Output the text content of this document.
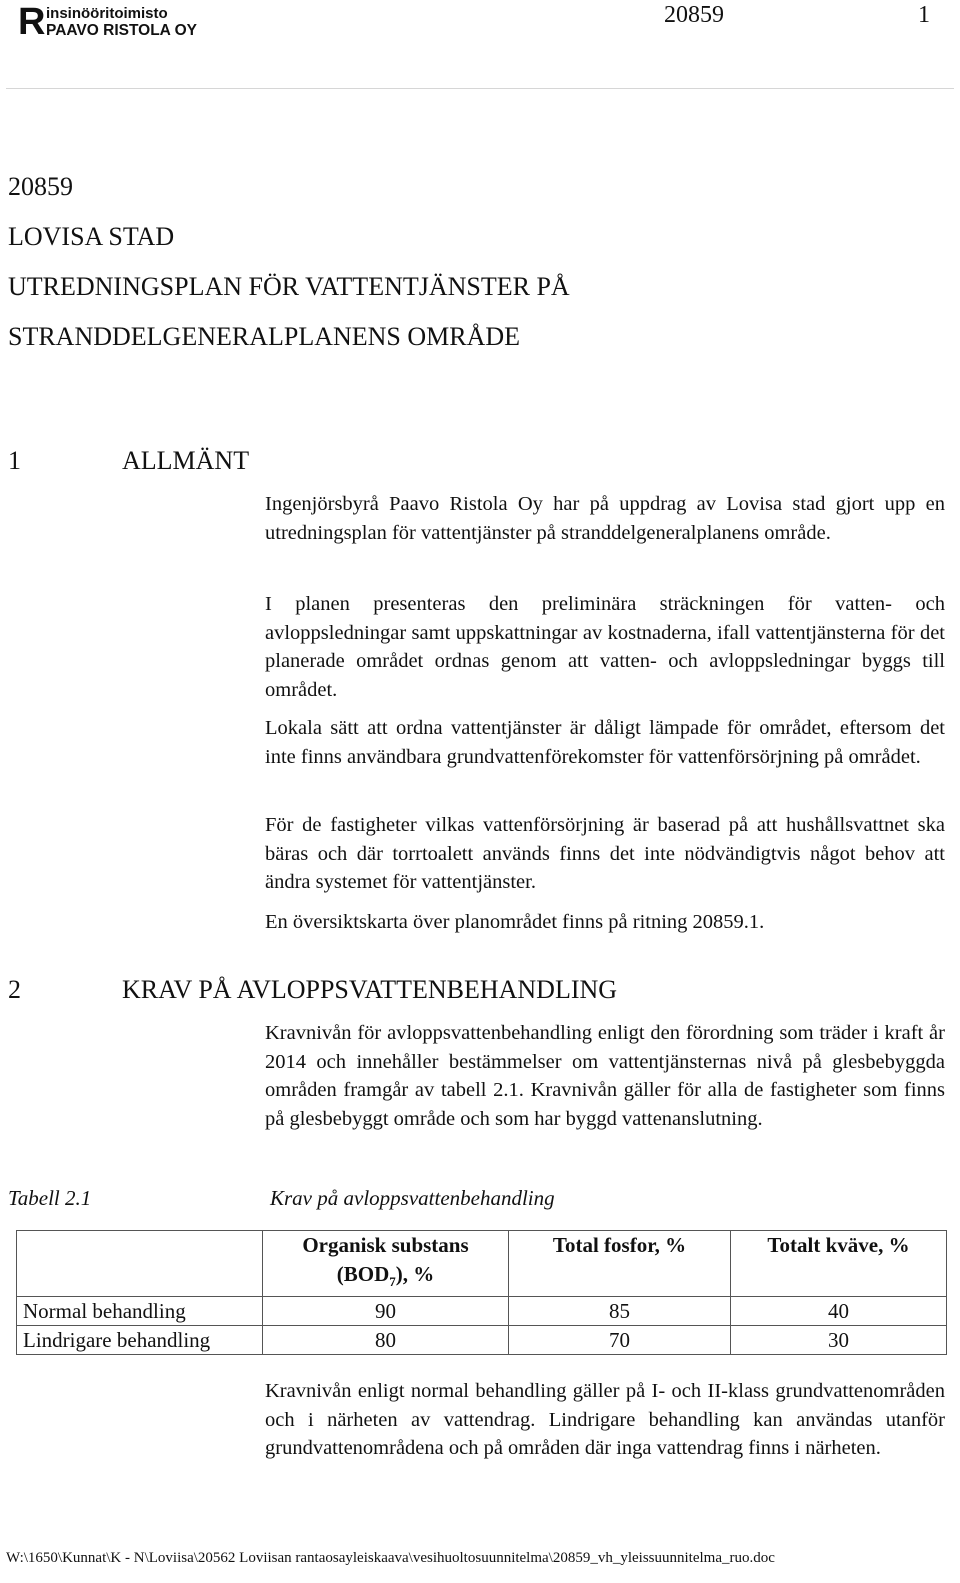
R insinööritoimisto
PAAVO RISTOLA OY
20859	1
20859
LOVISA STAD
UTREDNINGSPLAN FÖR VATTENTJÄNSTER PÅ
STRANDDELGENERALPLANENS OMRÅDE
1	ALLMÄNT

Ingenjörsbyrå Paavo Ristola Oy har på uppdrag av Lovisa stad gjort upp en utredningsplan för vattentjänster på stranddelgeneralplanens område.

I planen presenteras den preliminära sträckningen för vatten- och avloppsledningar samt uppskattningar av kostnaderna, ifall vattentjänsterna för det planerade området ordnas genom att vatten- och avloppsledningar byggs till området.

Lokala sätt att ordna vattentjänster är dåligt lämpade för området, eftersom det inte finns användbara grundvattenförekomster för vattenförsörjning på området.

För de fastigheter vilkas vattenförsörjning är baserad på att hushållsvattnet ska bäras och där torrtoalett används finns det inte nödvändigtvis något behov att ändra systemet för vattentjänster.

En översiktskarta över planområdet finns på ritning 20859.1.

2	KRAV PÅ AVLOPPSVATTENBEHANDLING

Kravnivån för avloppsvattenbehandling enligt den förordning som träder i kraft år 2014 och innehåller bestämmelser om vattentjänsternas nivå på glesbebyggda områden framgår av tabell 2.1. Kravnivån gäller för alla de fastigheter som finns på glesbebyggt område och som har byggd vattenanslutning.

Tabell 2.1	Krav på avloppsvattenbehandling
	Organisk substans $(BOD_7)$, %	Total fosfor, %	Totalt kväve, %
Normal behandling	90	85	40
Lindrigare behandling	80	70	30

Kravnivån enligt normal behandling gäller på I- och II-klass grundvattenområden och i närheten av vattendrag. Lindrigare behandling kan användas utanför grundvattenområdena och på områden där inga vattendrag finns i närheten.

W:\1650\Kunnat\K - N\Loviisa\20562 Loviisan rantaosayleiskaava\vesihuoltosuunnitelma\20859_vh_yleissuunnitelma_ruo.doc
